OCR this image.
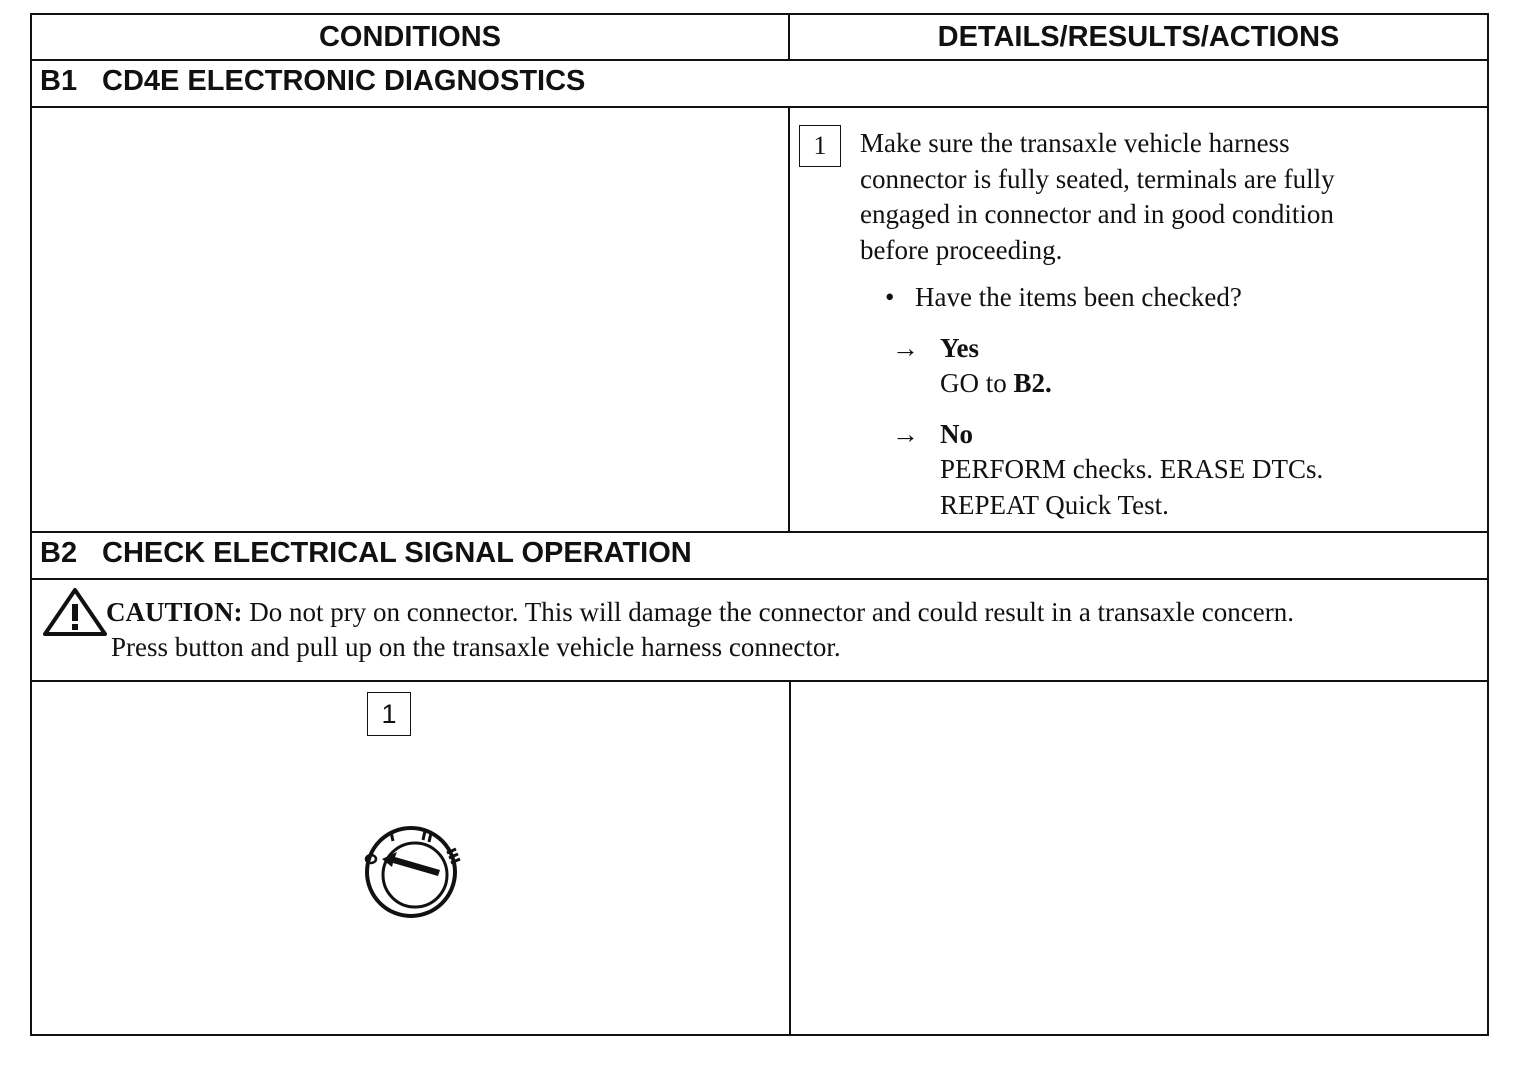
CONDITIONS	DETAILS/RESULTS/ACTIONS
B1 CD4E ELECTRONIC DIAGNOSTICS
1	Make sure the transaxle vehicle harness
connector is fully seated, terminals are fully
engaged in connector and in good condition
before proceeding.
• Have the items been checked?
→ Yes
GO to B2.
→ No
PERFORM checks. ERASE DTCs.
REPEAT Quick Test.
B2 CHECK ELECTRICAL SIGNAL OPERATION
CAUTION: Do not pry on connector. This will damage the connector and could result in a transaxle concern.
Press button and pull up on the transaxle vehicle harness connector.
1
